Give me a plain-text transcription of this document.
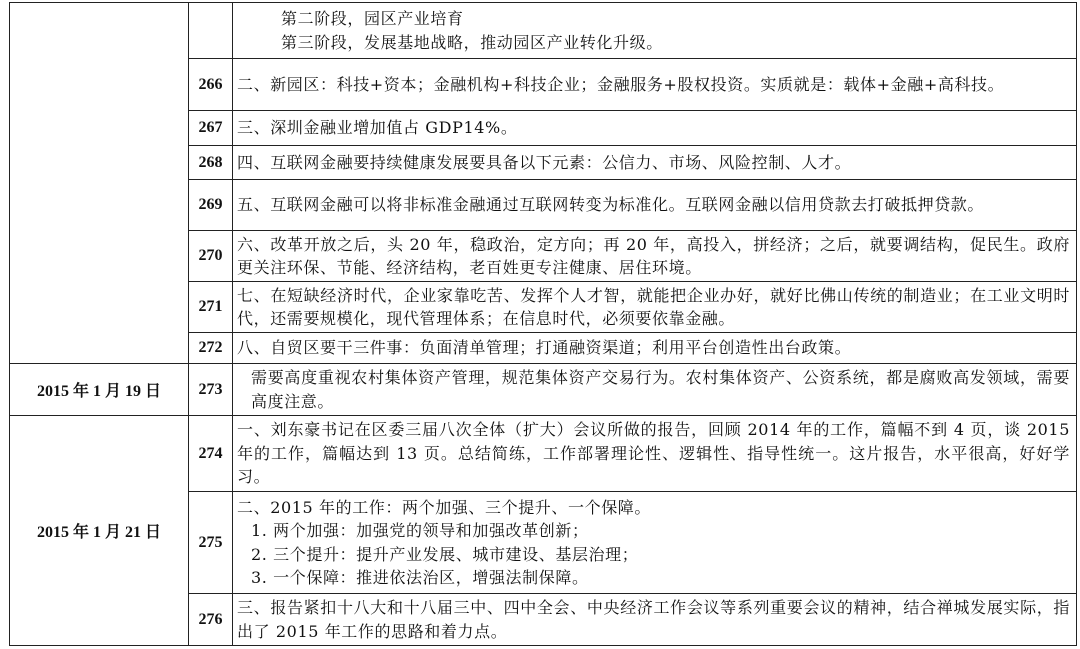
		第二阶段，园区产业培育
第三阶段，发展基地战略，推动园区产业转化升级。

	266	二、新园区：科技+资本；金融机构+科技企业；金融服务+股权投资。实质就是：载体+金融+高科技。

	267	三、深圳金融业增加值占 GDP14%。

	268	四、互联网金融要持续健康发展要具备以下元素：公信力、市场、风险控制、人才。

	269	五、互联网金融可以将非标准金融通过互联网转变为标准化。互联网金融以信用贷款去打破抵押贷款。

	270	六、改革开放之后，头 20 年，稳政治，定方向；再 20 年，高投入，拼经济；之后，就要调结构，促民生。政府更关注环保、节能、经济结构，老百姓更专注健康、居住环境。

	271	七、在短缺经济时代，企业家靠吃苦、发挥个人才智，就能把企业办好，就好比佛山传统的制造业；在工业文明时代，还需要规模化，现代管理体系；在信息时代，必须要依靠金融。

	272	八、自贸区要干三件事：负面清单管理；打通融资渠道；利用平台创造性出台政策。

2015 年 1 月 19 日	273	需要高度重视农村集体资产管理，规范集体资产交易行为。农村集体资产、公资系统，都是腐败高发领域，需要高度注意。

2015 年 1 月 21 日	274	一、刘东豪书记在区委三届八次全体（扩大）会议所做的报告，回顾 2014 年的工作，篇幅不到 4 页，谈 2015 年的工作，篇幅达到 13 页。总结简练，工作部署理论性、逻辑性、指导性统一。这片报告，水平很高，好好学习。

	275	二、2015 年的工作：两个加强、三个提升、一个保障。
1. 两个加强：加强党的领导和加强改革创新；
2. 三个提升：提升产业发展、城市建设、基层治理；
3. 一个保障：推进依法治区，增强法制保障。

	276	三、报告紧扣十八大和十八届三中、四中全会、中央经济工作会议等系列重要会议的精神，结合禅城发展实际，指出了 2015 年工作的思路和着力点。
